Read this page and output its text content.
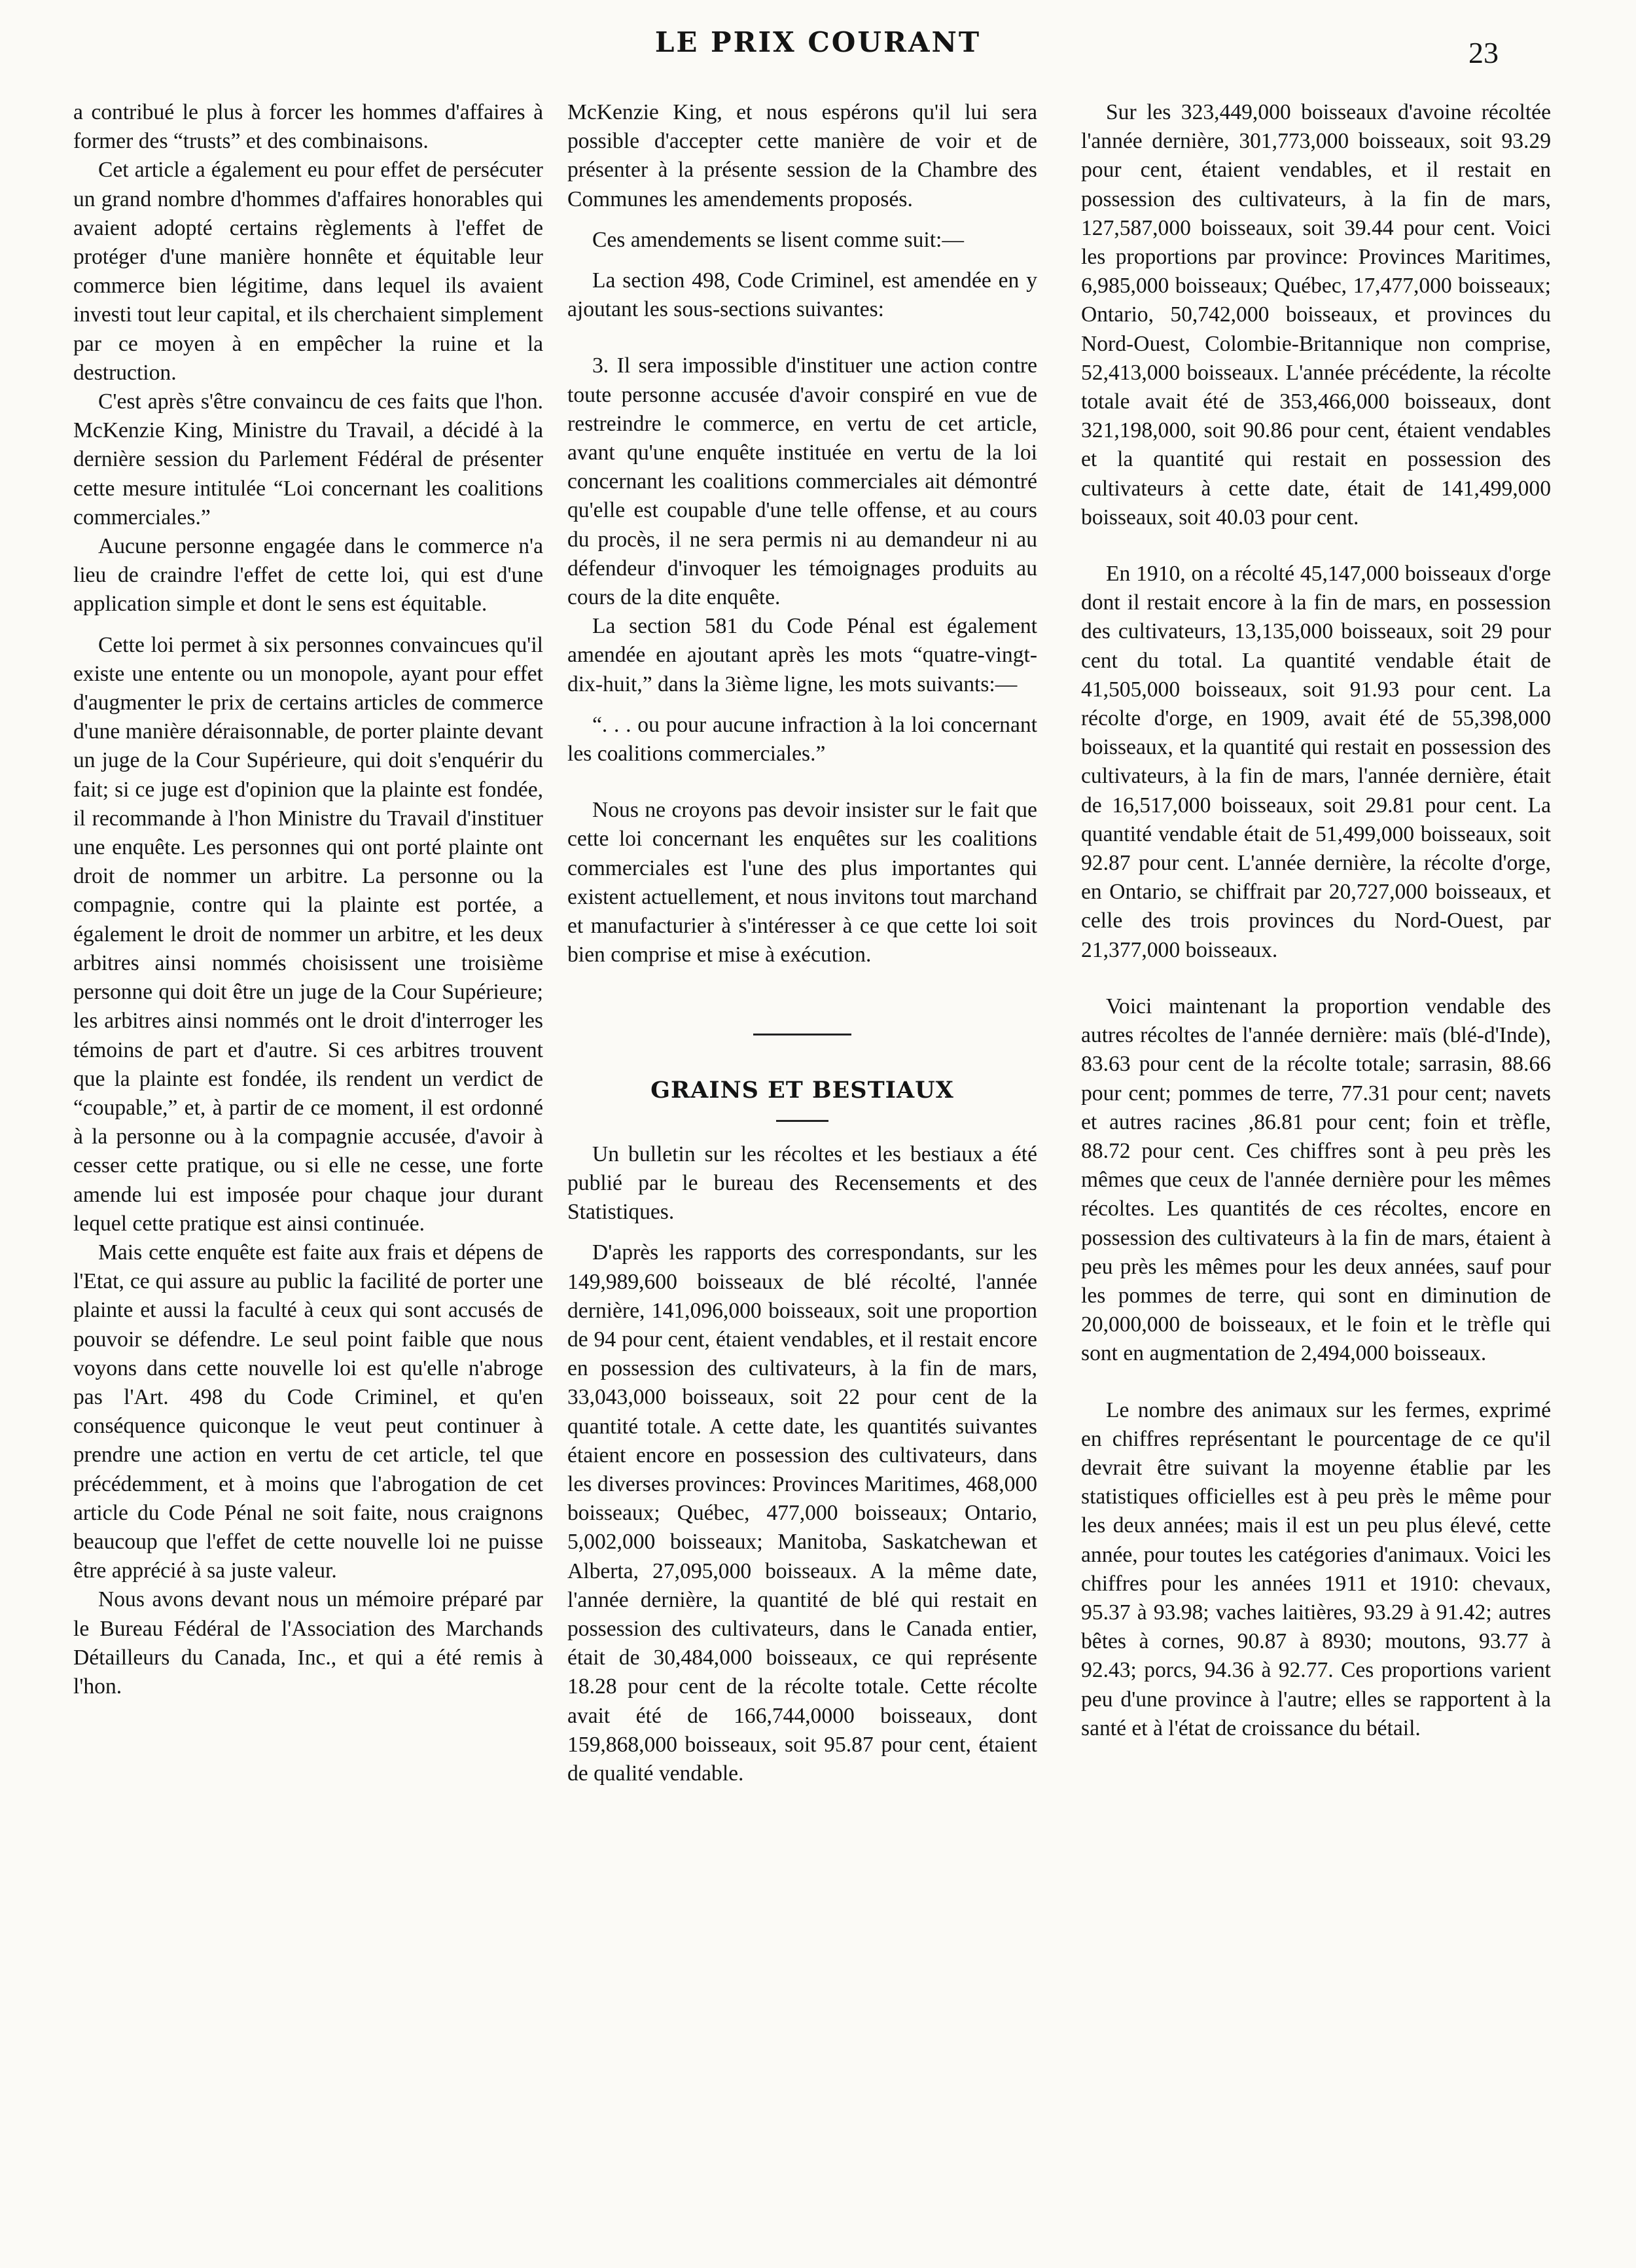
LE PRIX COURANT	23

a contribué le plus à forcer les hommes d'affaires à former des “trusts” et des combinaisons.

Cet article a également eu pour effet de persécuter un grand nombre d'hommes d'affaires honorables qui avaient adopté certains règlements à l'effet de protéger d'une manière honnête et équitable leur commerce bien légitime, dans lequel ils avaient investi tout leur capital, et ils cherchaient simplement par ce moyen à en empêcher la ruine et la destruction.

C'est après s'être convaincu de ces faits que l'hon. McKenzie King, Ministre du Travail, a décidé à la dernière session du Parlement Fédéral de présenter cette mesure intitulée “Loi concernant les coalitions commerciales.”

Aucune personne engagée dans le commerce n'a lieu de craindre l'effet de cette loi, qui est d'une application simple et dont le sens est équitable.

Cette loi permet à six personnes convaincues qu'il existe une entente ou un monopole, ayant pour effet d'augmenter le prix de certains articles de commerce d'une manière déraisonnable, de porter plainte devant un juge de la Cour Supérieure, qui doit s'enquérir du fait; si ce juge est d'opinion que la plainte est fondée, il recommande à l'hon Ministre du Travail d'instituer une enquête. Les personnes qui ont porté plainte ont droit de nommer un arbitre. La personne ou la compagnie, contre qui la plainte est portée, a également le droit de nommer un arbitre, et les deux arbitres ainsi nommés choisissent une troisième personne qui doit être un juge de la Cour Supérieure; les arbitres ainsi nommés ont le droit d'interroger les témoins de part et d'autre. Si ces arbitres trouvent que la plainte est fondée, ils rendent un verdict de “coupable,” et, à partir de ce moment, il est ordonné à la personne ou à la compagnie accusée, d'avoir à cesser cette pratique, ou si elle ne cesse, une forte amende lui est imposée pour chaque jour durant lequel cette pratique est ainsi continuée.

Mais cette enquête est faite aux frais et dépens de l'Etat, ce qui assure au public la facilité de porter une plainte et aussi la faculté à ceux qui sont accusés de pouvoir se défendre. Le seul point faible que nous voyons dans cette nouvelle loi est qu'elle n'abroge pas l'Art. 498 du Code Criminel, et qu'en conséquence quiconque le veut peut continuer à prendre une action en vertu de cet article, tel que précédemment, et à moins que l'abrogation de cet article du Code Pénal ne soit faite, nous craignons beaucoup que l'effet de cette nouvelle loi ne puisse être apprécié à sa juste valeur.

Nous avons devant nous un mémoire préparé par le Bureau Fédéral de l'Association des Marchands Détailleurs du Canada, Inc., et qui a été remis à l'hon.

McKenzie King, et nous espérons qu'il lui sera possible d'accepter cette manière de voir et de présenter à la présente session de la Chambre des Communes les amendements proposés.

Ces amendements se lisent comme suit:—

La section 498, Code Criminel, est amendée en y ajoutant les sous-sections suivantes:

3. Il sera impossible d'instituer une action contre toute personne accusée d'avoir conspiré en vue de restreindre le commerce, en vertu de cet article, avant qu'une enquête instituée en vertu de la loi concernant les coalitions commerciales ait démontré qu'elle est coupable d'une telle offense, et au cours du procès, il ne sera permis ni au demandeur ni au défendeur d'invoquer les témoignages produits au cours de la dite enquête.

La section 581 du Code Pénal est également amendée en ajoutant après les mots “quatre-vingt-dix-huit,” dans la 3ième ligne, les mots suivants:—

“. . . ou pour aucune infraction à la loi concernant les coalitions commerciales.”

Nous ne croyons pas devoir insister sur le fait que cette loi concernant les enquêtes sur les coalitions commerciales est l'une des plus importantes qui existent actuellement, et nous invitons tout marchand et manufacturier à s'intéresser à ce que cette loi soit bien comprise et mise à exécution.

GRAINS ET BESTIAUX

Un bulletin sur les récoltes et les bestiaux a été publié par le bureau des Recensements et des Statistiques.

D'après les rapports des correspondants, sur les 149,989,600 boisseaux de blé récolté, l'année dernière, 141,096,000 boisseaux, soit une proportion de 94 pour cent, étaient vendables, et il restait encore en possession des cultivateurs, à la fin de mars, 33,043,000 boisseaux, soit 22 pour cent de la quantité totale. A cette date, les quantités suivantes étaient encore en possession des cultivateurs, dans les diverses provinces: Provinces Maritimes, 468,000 boisseaux; Québec, 477,000 boisseaux; Ontario, 5,002,000 boisseaux; Manitoba, Saskatchewan et Alberta, 27,095,000 boisseaux. A la même date, l'année dernière, la quantité de blé qui restait en possession des cultivateurs, dans le Canada entier, était de 30,484,000 boisseaux, ce qui représente 18.28 pour cent de la récolte totale. Cette récolte avait été de 166,744,0000 boisseaux, dont 159,868,000 boisseaux, soit 95.87 pour cent, étaient de qualité vendable.

Sur les 323,449,000 boisseaux d'avoine récoltée l'année dernière, 301,773,000 boisseaux, soit 93.29 pour cent, étaient vendables, et il restait en possession des cultivateurs, à la fin de mars, 127,587,000 boisseaux, soit 39.44 pour cent. Voici les proportions par province: Provinces Maritimes, 6,985,000 boisseaux; Québec, 17,477,000 boisseaux; Ontario, 50,742,000 boisseaux, et provinces du Nord-Ouest, Colombie-Britannique non comprise, 52,413,000 boisseaux. L'année précédente, la récolte totale avait été de 353,466,000 boisseaux, dont 321,198,000, soit 90.86 pour cent, étaient vendables et la quantité qui restait en possession des cultivateurs à cette date, était de 141,499,000 boisseaux, soit 40.03 pour cent.

En 1910, on a récolté 45,147,000 boisseaux d'orge dont il restait encore à la fin de mars, en possession des cultivateurs, 13,135,000 boisseaux, soit 29 pour cent du total. La quantité vendable était de 41,505,000 boisseaux, soit 91.93 pour cent. La récolte d'orge, en 1909, avait été de 55,398,000 boisseaux, et la quantité qui restait en possession des cultivateurs, à la fin de mars, l'année dernière, était de 16,517,000 boisseaux, soit 29.81 pour cent. La quantité vendable était de 51,499,000 boisseaux, soit 92.87 pour cent. L'année dernière, la récolte d'orge, en Ontario, se chiffrait par 20,727,000 boisseaux, et celle des trois provinces du Nord-Ouest, par 21,377,000 boisseaux.

Voici maintenant la proportion vendable des autres récoltes de l'année dernière: maïs (blé-d'Inde), 83.63 pour cent de la récolte totale; sarrasin, 88.66 pour cent; pommes de terre, 77.31 pour cent; navets et autres racines ,86.81 pour cent; foin et trèfle, 88.72 pour cent. Ces chiffres sont à peu près les mêmes que ceux de l'année dernière pour les mêmes récoltes. Les quantités de ces récoltes, encore en possession des cultivateurs à la fin de mars, étaient à peu près les mêmes pour les deux années, sauf pour les pommes de terre, qui sont en diminution de 20,000,000 de boisseaux, et le foin et le trèfle qui sont en augmentation de 2,494,000 boisseaux.

Le nombre des animaux sur les fermes, exprimé en chiffres représentant le pourcentage de ce qu'il devrait être suivant la moyenne établie par les statistiques officielles est à peu près le même pour les deux années; mais il est un peu plus élevé, cette année, pour toutes les catégories d'animaux. Voici les chiffres pour les années 1911 et 1910: chevaux, 95.37 à 93.98; vaches laitières, 93.29 à 91.42; autres bêtes à cornes, 90.87 à 8930; moutons, 93.77 à 92.43; porcs, 94.36 à 92.77. Ces proportions varient peu d'une province à l'autre; elles se rapportent à la santé et à l'état de croissance du bétail.
